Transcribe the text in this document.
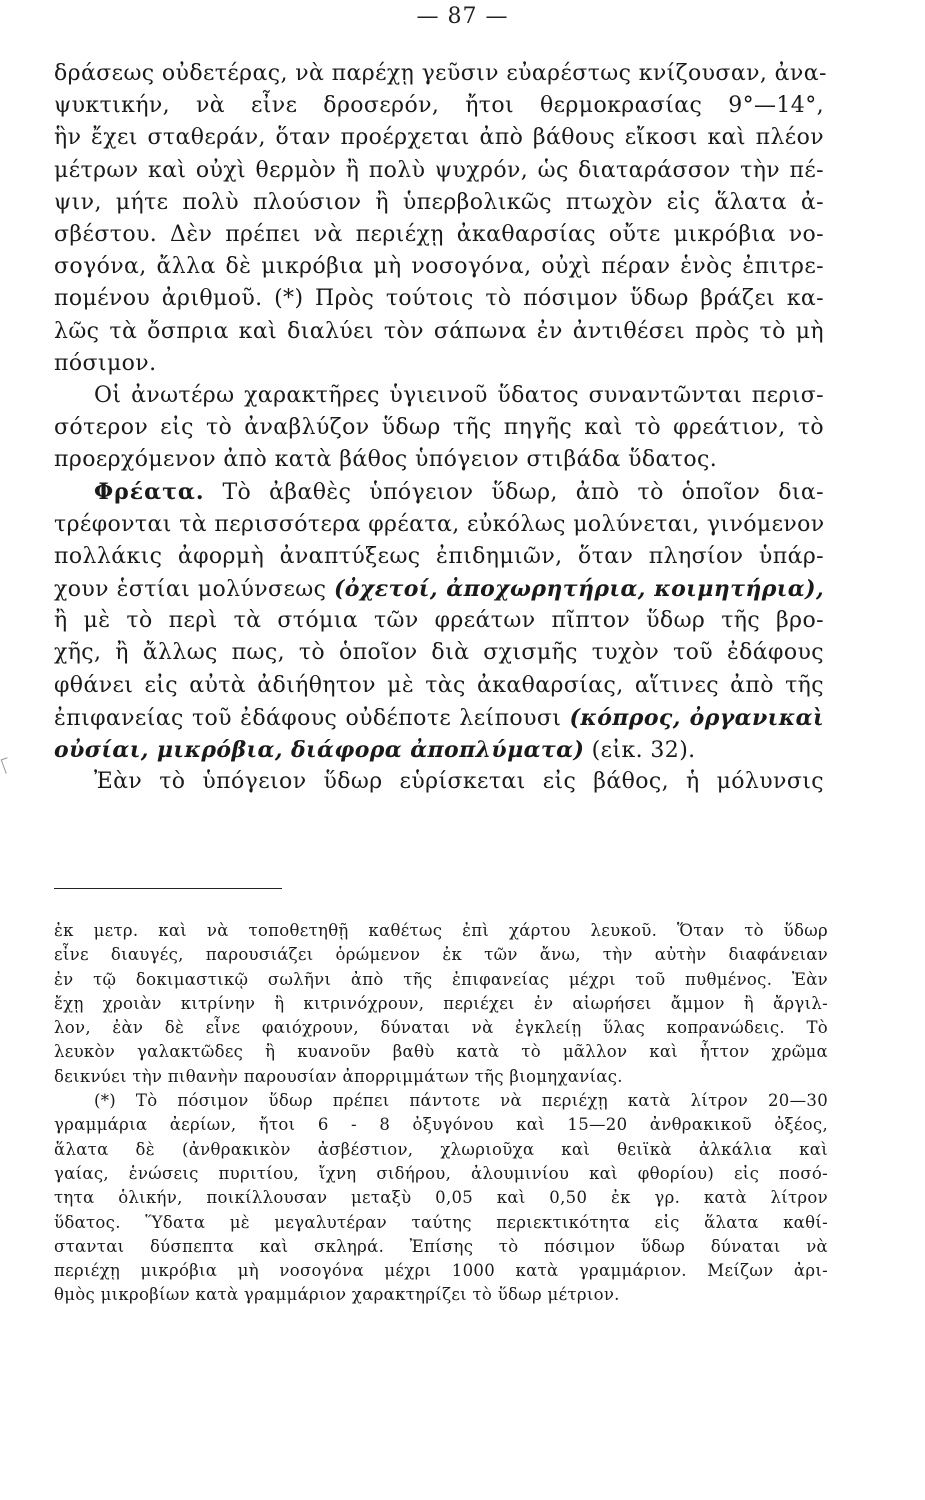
— 87 —
δράσεως οὐδετέρας, νὰ παρέχῃ γεῦσιν εὐαρέστως κνίζουσαν, ἀνα-
ψυκτικήν, νὰ εἶνε δροσερόν, ἤτοι θερμοκρασίας 9°—14°,
ἣν ἔχει σταθεράν, ὅταν προέρχεται ἀπὸ βάθους εἴκοσι καὶ πλέον
μέτρων καὶ οὐχὶ θερμὸν ἢ πολὺ ψυχρόν, ὡς διαταράσσον τὴν πέ-
ψιν, μήτε πολὺ πλούσιον ἢ ὑπερβολικῶς πτωχὸν εἰς ἅλατα ἀ-
σβέστου. Δὲν πρέπει νὰ περιέχῃ ἀκαθαρσίας οὔτε μικρόβια νο-
σογόνα, ἄλλα δὲ μικρόβια μὴ νοσογόνα, οὐχὶ πέραν ἑνὸς ἐπιτρε-
πομένου ἀριθμοῦ. (*) Πρὸς τούτοις τὸ πόσιμον ὕδωρ βράζει κα-
λῶς τὰ ὄσπρια καὶ διαλύει τὸν σάπωνα ἐν ἀντιθέσει πρὸς τὸ μὴ
πόσιμον.
Οἱ ἀνωτέρω χαρακτῆρες ὑγιεινοῦ ὕδατος συναντῶνται περισ-
σότερον εἰς τὸ ἀναβλύζον ὕδωρ τῆς πηγῆς καὶ τὸ φρεάτιον, τὸ
προερχόμενον ἀπὸ κατὰ βάθος ὑπόγειον στιβάδα ὕδατος.
Φρέατα. Τὸ ἀβαθὲς ὑπόγειον ὕδωρ, ἀπὸ τὸ ὁποῖον δια-
τρέφονται τὰ περισσότερα φρέατα, εὐκόλως μολύνεται, γινόμενον
πολλάκις ἀφορμὴ ἀναπτύξεως ἐπιδημιῶν, ὅταν πλησίον ὑπάρ-
χουν ἑστίαι μολύνσεως (ὀχετοί, ἀποχωρητήρια, κοιμητήρια),
ἢ μὲ τὸ περὶ τὰ στόμια τῶν φρεάτων πῖπτον ὕδωρ τῆς βρο-
χῆς, ἢ ἄλλως πως, τὸ ὁποῖον διὰ σχισμῆς τυχὸν τοῦ ἐδάφους
φθάνει εἰς αὐτὰ ἀδιήθητον μὲ τὰς ἀκαθαρσίας, αἵτινες ἀπὸ τῆς
ἐπιφανείας τοῦ ἐδάφους οὐδέποτε λείπουσι (κόπρος, ὀργανικαὶ
οὐσίαι, μικρόβια, διάφορα ἀποπλύματα) (εἰκ. 32).
Ἐὰν τὸ ὑπόγειον ὕδωρ εὑρίσκεται εἰς βάθος, ἡ μόλυνσις
ἐκ μετρ. καὶ νὰ τοποθετηθῇ καθέτως ἐπὶ χάρτου λευκοῦ. Ὅταν τὸ ὕδωρ
εἶνε διαυγές, παρουσιάζει ὁρώμενον ἐκ τῶν ἄνω, τὴν αὐτὴν διαφάνειαν
ἐν τῷ δοκιμαστικῷ σωλῆνι ἀπὸ τῆς ἐπιφανείας μέχρι τοῦ πυθμένος. Ἐὰν
ἔχῃ χροιὰν κιτρίνην ἢ κιτρινόχρουν, περιέχει ἐν αἰωρήσει ἄμμον ἢ ἄργιλ-
λον, ἐὰν δὲ εἶνε φαιόχρουν, δύναται νὰ ἐγκλείῃ ὕλας κοπρανώδεις. Τὸ
λευκὸν γαλακτῶδες ἢ κυανοῦν βαθὺ κατὰ τὸ μᾶλλον καὶ ἧττον χρῶμα
δεικνύει τὴν πιθανὴν παρουσίαν ἀπορριμμάτων τῆς βιομηχανίας.
(*) Τὸ πόσιμον ὕδωρ πρέπει πάντοτε νὰ περιέχῃ κατὰ λίτρον 20—30
γραμμάρια ἀερίων, ἤτοι 6 - 8 ὀξυγόνου καὶ 15—20 ἀνθρακικοῦ ὀξέος,
ἅλατα δὲ (ἀνθρακικὸν ἀσβέστιον, χλωριοῦχα καὶ θειϊκὰ ἀλκάλια καὶ
γαίας, ἑνώσεις πυριτίου, ἴχνη σιδήρου, ἀλουμινίου καὶ φθορίου) εἰς ποσό-
τητα ὁλικήν, ποικίλλουσαν μεταξὺ 0,05 καὶ 0,50 ἐκ γρ. κατὰ λίτρον
ὕδατος. Ὕδατα μὲ μεγαλυτέραν ταύτης περιεκτικότητα εἰς ἅλατα καθί-
στανται δύσπεπτα καὶ σκληρά. Ἐπίσης τὸ πόσιμον ὕδωρ δύναται νὰ
περιέχῃ μικρόβια μὴ νοσογόνα μέχρι 1000 κατὰ γραμμάριον. Μείζων ἀρι-
θμὸς μικροβίων κατὰ γραμμάριον χαρακτηρίζει τὸ ὕδωρ μέτριον.
